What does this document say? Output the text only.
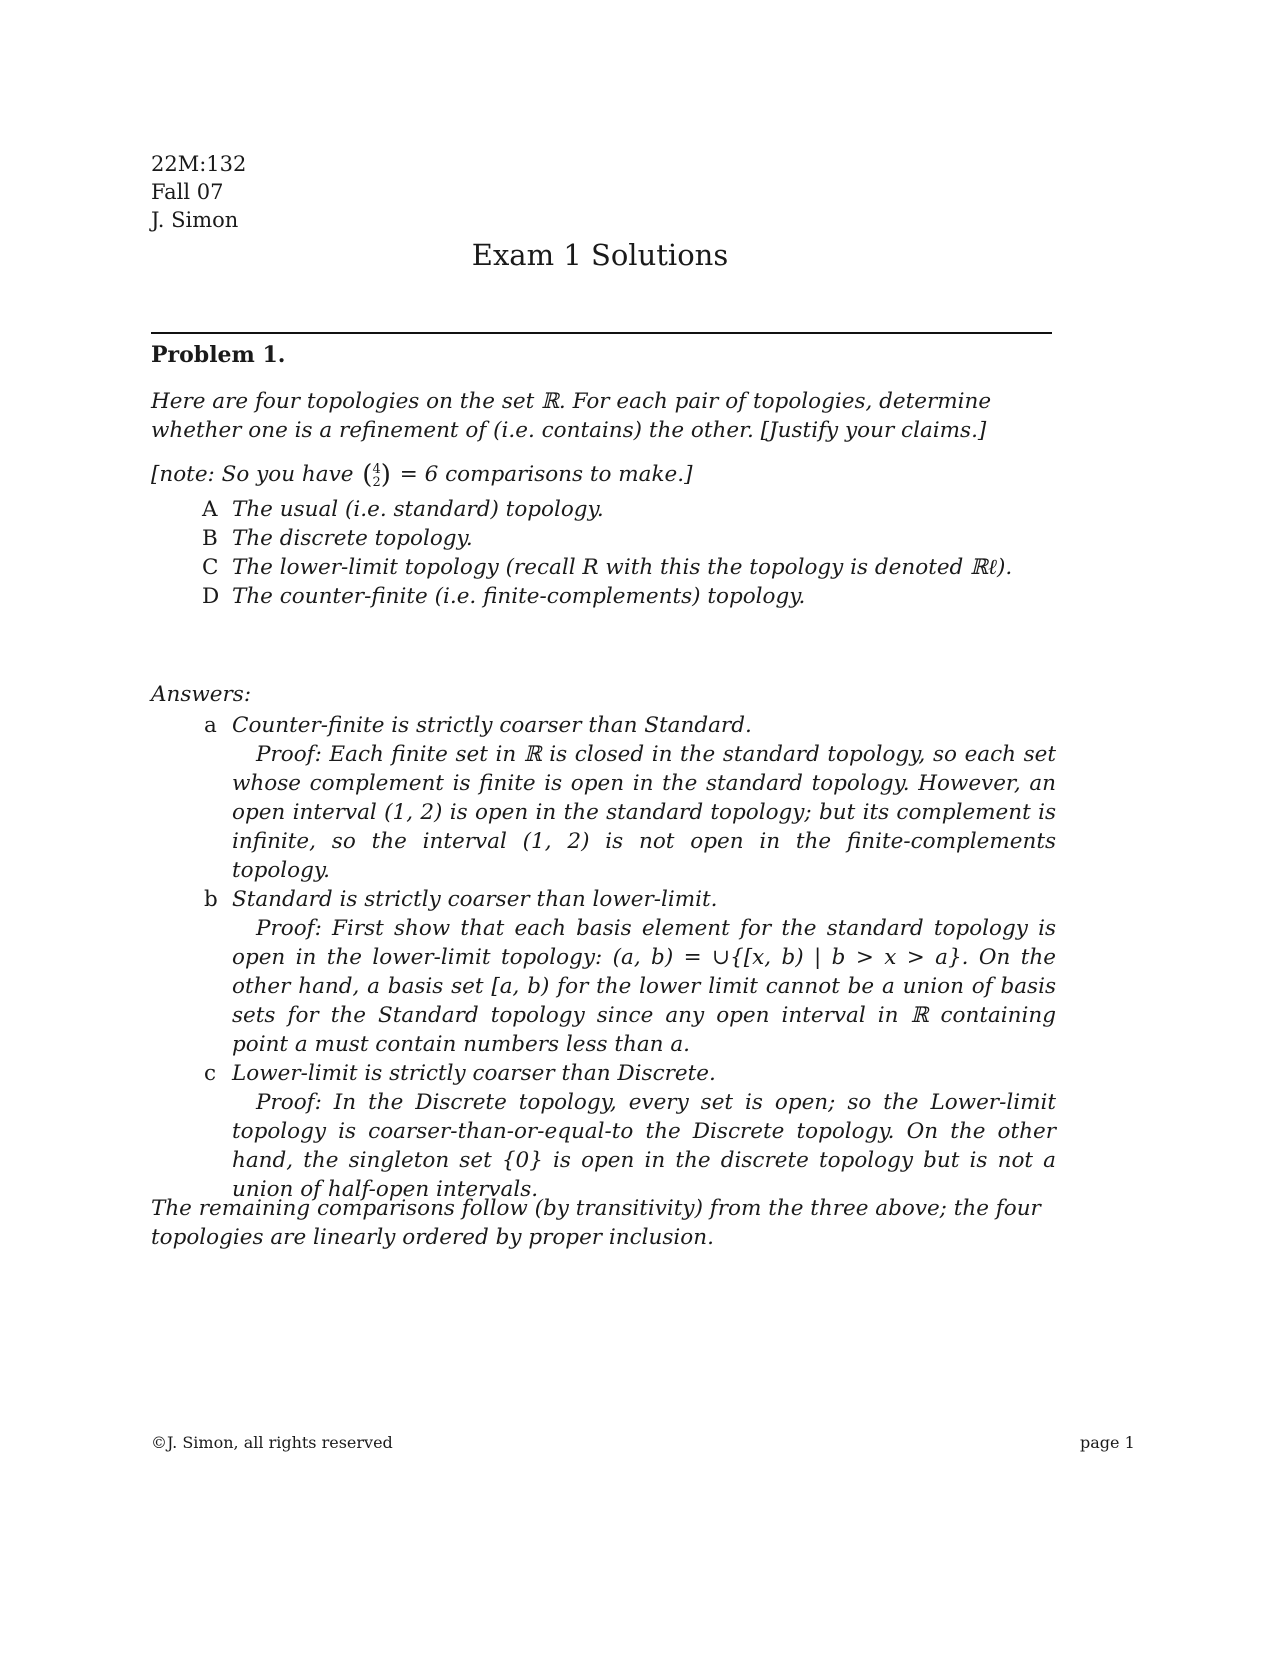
22M:132
Fall 07
J. Simon
Exam 1 Solutions
Problem 1.
Here are four topologies on the set ℝ. For each pair of topologies, determine whether one is a refinement of (i.e. contains) the other. [Justify your claims.]
[note: So you have (4
2) = 6 comparisons to make.]
A The usual (i.e. standard) topology.
B The discrete topology.
C The lower-limit topology (recall R with this the topology is denoted ℝℓ).
D The counter-finite (i.e. finite-complements) topology.
Answers:
a Counter-finite is strictly coarser than Standard.
Proof: Each finite set in ℝ is closed in the standard topology, so each set whose complement is finite is open in the standard topology. However, an open interval (1, 2) is open in the standard topology; but its complement is infinite, so the interval (1, 2) is not open in the finite-complements topology.
b Standard is strictly coarser than lower-limit.
Proof: First show that each basis element for the standard topology is open in the lower-limit topology: (a, b) = ∪{[x, b) | b > x > a}. On the other hand, a basis set [a, b) for the lower limit cannot be a union of basis sets for the Standard topology since any open interval in ℝ containing point a must contain numbers less than a.
c Lower-limit is strictly coarser than Discrete.
Proof: In the Discrete topology, every set is open; so the Lower-limit topology is coarser-than-or-equal-to the Discrete topology. On the other hand, the singleton set {0} is open in the discrete topology but is not a union of half-open intervals.
The remaining comparisons follow (by transitivity) from the three above; the four topologies are linearly ordered by proper inclusion.
©J. Simon, all rights reserved	page 1
